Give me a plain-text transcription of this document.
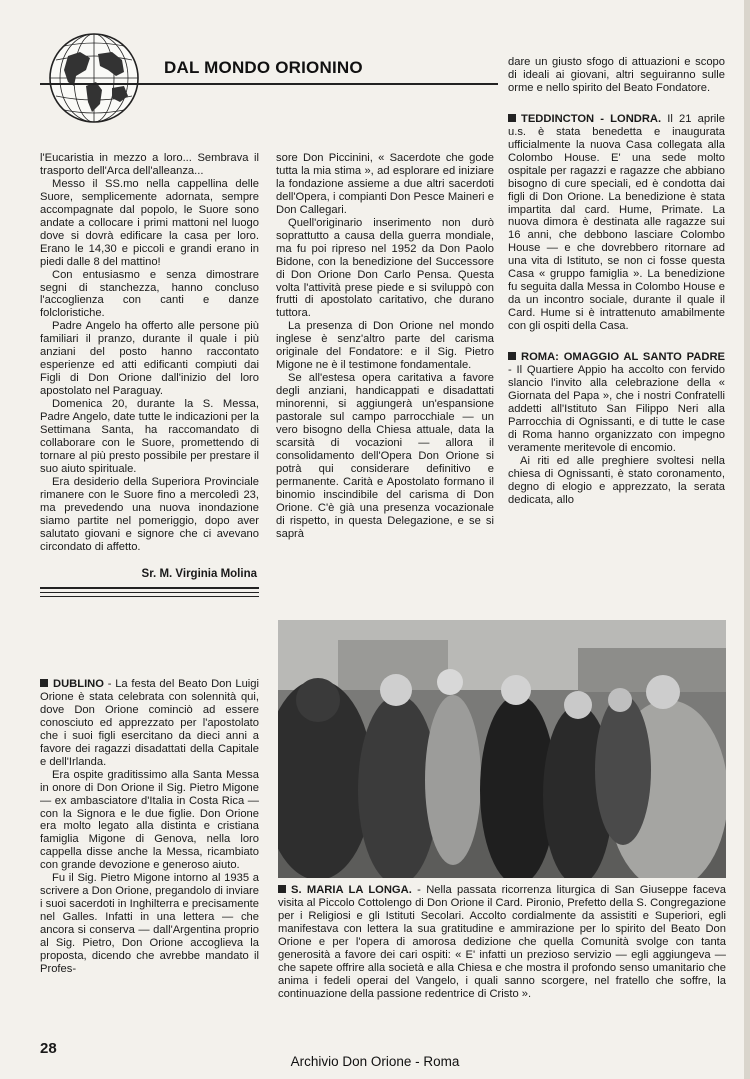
DAL MONDO ORIONINO

l'Eucaristia in mezzo a loro... Sembrava il trasporto dell'Arca dell'alleanza...

Messo il SS.mo nella cappellina delle Suore, semplicemente adornata, sempre accompagnate dal popolo, le Suore sono andate a collocare i primi mattoni nel luogo dove si dovrà edificare la casa per loro. Erano le 14,30 e piccoli e grandi erano in piedi dalle 8 del mattino!

Con entusiasmo e senza dimostrare segni di stanchezza, hanno concluso l'accoglienza con canti e danze folcloristiche.

Padre Angelo ha offerto alle persone più familiari il pranzo, durante il quale i più anziani del posto hanno raccontato esperienze ed atti edificanti compiuti dai Figli di Don Orione dall'inizio del loro apostolato nel Paraguay.

Domenica 20, durante la S. Messa, Padre Angelo, date tutte le indicazioni per la Settimana Santa, ha raccomandato di collaborare con le Suore, promettendo di tornare al più presto possibile per prestare il suo aiuto spirituale.

Era desiderio della Superiora Provinciale rimanere con le Suore fino a mercoledì 23, ma prevedendo una nuova inondazione siamo partite nel pomeriggio, dopo aver salutato giovani e signore che ci avevano circondato di affetto.

Sr. M. Virginia Molina

DUBLINO - La festa del Beato Don Luigi Orione è stata celebrata con solennità qui, dove Don Orione cominciò ad essere conosciuto ed apprezzato per l'apostolato che i suoi figli esercitano da dieci anni a favore dei ragazzi disadattati della Capitale e dell'Irlanda.

Era ospite graditissimo alla Santa Messa in onore di Don Orione il Sig. Pietro Migone — ex ambasciatore d'Italia in Costa Rica — con la Signora e le due figlie. Don Orione era molto legato alla distinta e cristiana famiglia Migone di Genova, nella loro cappella disse anche la Messa, ricambiato con grande devozione e generoso aiuto.

Fu il Sig. Pietro Migone intorno al 1935 a scrivere a Don Orione, pregandolo di inviare i suoi sacerdoti in Inghilterra e precisamente nel Galles. Infatti in una lettera — che ancora si conserva — dall'Argentina proprio al Sig. Pietro, Don Orione accoglieva la proposta, dicendo che avrebbe mandato il Profes-

sore Don Piccinini, « Sacerdote che gode tutta la mia stima », ad esplorare ed iniziare la fondazione assieme a due altri sacerdoti dell'Opera, i compianti Don Pesce Maineri e Don Callegari.

Quell'originario inserimento non durò soprattutto a causa della guerra mondiale, ma fu poi ripreso nel 1952 da Don Paolo Bidone, con la benedizione del Successore di Don Orione Don Carlo Pensa. Questa volta l'attività prese piede e si sviluppò con frutti di apostolato caritativo, che durano tuttora.

La presenza di Don Orione nel mondo inglese è senz'altro parte del carisma originale del Fondatore: e il Sig. Pietro Migone ne è il testimone fondamentale.

Se all'estesa opera caritativa a favore degli anziani, handicappati e disadattati minorenni, si aggiungerà un'espansione pastorale sul campo parrocchiale — un vero bisogno della Chiesa attuale, data la scarsità di vocazioni — allora il consolidamento dell'Opera Don Orione si potrà qui considerare definitivo e permanente. Carità e Apostolato formano il binomio inscindibile del carisma di Don Orione. C'è già una presenza vocazionale di rispetto, in questa Delegazione, e se si saprà

dare un giusto sfogo di attuazioni e scopo di ideali ai giovani, altri seguiranno sulle orme e nello spirito del Beato Fondatore.

TEDDINCTON - LONDRA. Il 21 aprile u.s. è stata benedetta e inaugurata ufficialmente la nuova Casa collegata alla Colombo House. E' una sede molto ospitale per ragazzi e ragazze che abbiano bisogno di cure speciali, ed è condotta dai figli di Don Orione. La benedizione è stata impartita dal card. Hume, Primate. La nuova dimora è destinata alle ragazze sui 16 anni, che debbono lasciare Colombo House — e che dovrebbero ritornare ad una vita di Istituto, se non ci fosse questa Casa « gruppo famiglia ». La benedizione fu seguita dalla Messa in Colombo House e da un incontro sociale, durante il quale il Card. Hume si è intrattenuto amabilmente con gli ospiti della Casa.

ROMA: OMAGGIO AL SANTO PADRE - Il Quartiere Appio ha accolto con fervido slancio l'invito alla celebrazione della « Giornata del Papa », che i nostri Confratelli addetti all'Istituto San Filippo Neri alla Parrocchia di Ognissanti, e di tutte le case di Roma hanno organizzato con impegno veramente meritevole di encomio.

Ai riti ed alle preghiere svoltesi nella chiesa di Ognissanti, è stato coronamento, degno di elogio e apprezzato, la serata dedicata, allo

S. MARIA LA LONGA. - Nella passata ricorrenza liturgica di San Giuseppe faceva visita al Piccolo Cottolengo di Don Orione il Card. Pironio, Prefetto della S. Congregazione per i Religiosi e gli Istituti Secolari. Accolto cordialmente da assistiti e Superiori, egli manifestava con lettera la sua gratitudine e ammirazione per lo spirito del Beato Don Orione e per l'opera di amorosa dedizione che quella Comunità svolge con tanta generosità a favore dei cari ospiti: « E' infatti un prezioso servizio — egli aggiungeva — che sapete offrire alla società e alla Chiesa e che mostra il profondo senso umanitario che anima i fedeli operai del Vangelo, i quali sanno scorgere, nel fratello che soffre, la continuazione della passione redentrice di Cristo ».
28
Archivio Don Orione - Roma
